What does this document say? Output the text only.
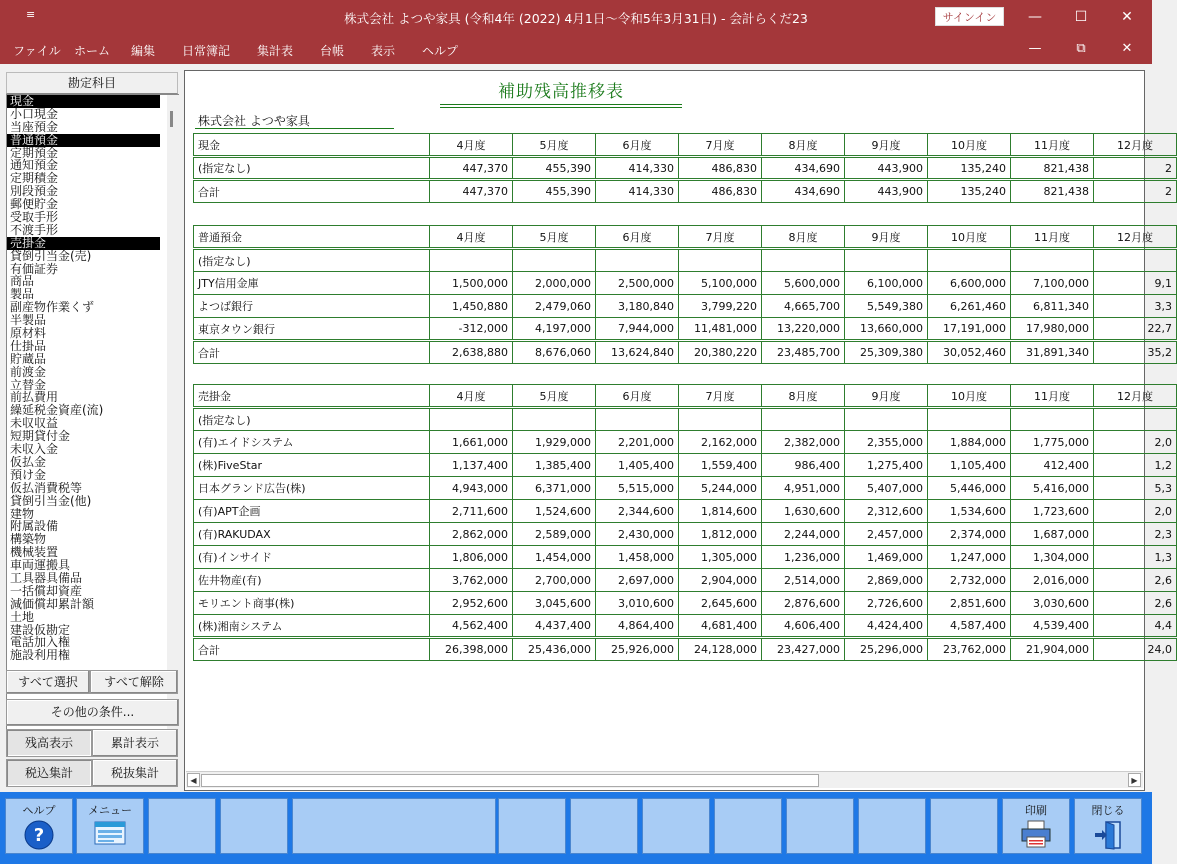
≡	株式会社 よつや家具 (令和4年 (2022) 4月1日～令和5年3月31日) - 会計らくだ23	サインイン	—	☐	✕
ファイル ホーム 編集 日常簿記 集計表 台帳 表示 ヘルプ	—	⧉	✕
勘定科目
現金
小口現金
当座預金
普通預金
定期預金
通知預金
定期積金
別段預金
郵便貯金
受取手形
不渡手形
売掛金
貸倒引当金(売)
有価証券
商品
製品
副産物作業くず
半製品
原材料
仕掛品
貯蔵品
前渡金
立替金
前払費用
繰延税金資産(流)
未収収益
短期貸付金
未収入金
仮払金
預け金
仮払消費税等
貸倒引当金(他)
建物
附属設備
構築物
機械装置
車両運搬具
工具器具備品
一括償却資産
減価償却累計額
土地
建設仮勘定
電話加入権
施設利用権
すべて選択	すべて解除
その他の条件...
残高表示	累計表示
税込集計	税抜集計
補助残高推移表
株式会社 よつや家具
現金	4月度	5月度	6月度	7月度	8月度	9月度	10月度	11月度	12月度
(指定なし)	447,370	455,390	414,330	486,830	434,690	443,900	135,240	821,438	2
合計	447,370	455,390	414,330	486,830	434,690	443,900	135,240	821,438	2
普通預金	4月度	5月度	6月度	7月度	8月度	9月度	10月度	11月度	12月度
(指定なし)									
JTY信用金庫	1,500,000	2,000,000	2,500,000	5,100,000	5,600,000	6,100,000	6,600,000	7,100,000	9,1
よつば銀行	1,450,880	2,479,060	3,180,840	3,799,220	4,665,700	5,549,380	6,261,460	6,811,340	3,3
東京タウン銀行	-312,000	4,197,000	7,944,000	11,481,000	13,220,000	13,660,000	17,191,000	17,980,000	22,7
合計	2,638,880	8,676,060	13,624,840	20,380,220	23,485,700	25,309,380	30,052,460	31,891,340	35,2
売掛金	4月度	5月度	6月度	7月度	8月度	9月度	10月度	11月度	12月度
(指定なし)									
(有)エイドシステム	1,661,000	1,929,000	2,201,000	2,162,000	2,382,000	2,355,000	1,884,000	1,775,000	2,0
(株)FiveStar	1,137,400	1,385,400	1,405,400	1,559,400	986,400	1,275,400	1,105,400	412,400	1,2
日本グランド広告(株)	4,943,000	6,371,000	5,515,000	5,244,000	4,951,000	5,407,000	5,446,000	5,416,000	5,3
(有)APT企画	2,711,600	1,524,600	2,344,600	1,814,600	1,630,600	2,312,600	1,534,600	1,723,600	2,0
(有)RAKUDAX	2,862,000	2,589,000	2,430,000	1,812,000	2,244,000	2,457,000	2,374,000	1,687,000	2,3
(有)インサイド	1,806,000	1,454,000	1,458,000	1,305,000	1,236,000	1,469,000	1,247,000	1,304,000	1,3
佐井物産(有)	3,762,000	2,700,000	2,697,000	2,904,000	2,514,000	2,869,000	2,732,000	2,016,000	2,6
モリエント商事(株)	2,952,600	3,045,600	3,010,600	2,645,600	2,876,600	2,726,600	2,851,600	3,030,600	2,6
(株)湘南システム	4,562,400	4,437,400	4,864,400	4,681,400	4,606,400	4,424,400	4,587,400	4,539,400	4,4
合計	26,398,000	25,436,000	25,926,000	24,128,000	23,427,000	25,296,000	23,762,000	21,904,000	24,0
◀	▶
ヘルプ
?
メニュー	印刷	閉じる
